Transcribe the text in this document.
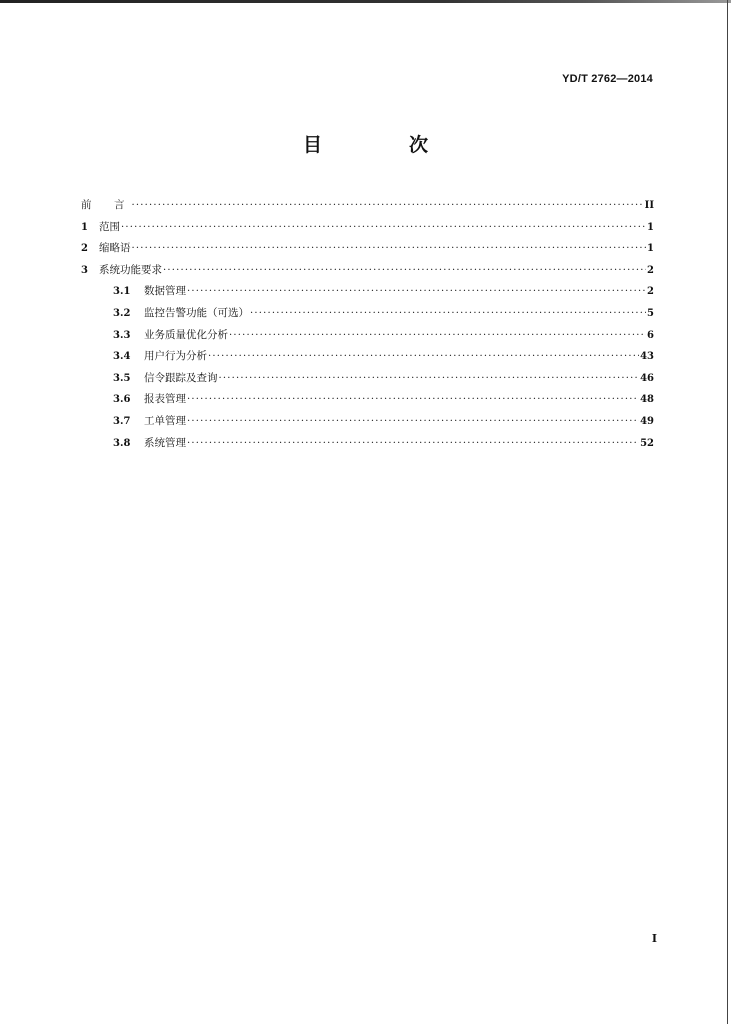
YD/T 2762—2014
目　次
前　言 ·····	II
1	范围 ·····	1
2	缩略语 ·····	1
3	系统功能要求 ·····	2
3.1 数据管理 ·····	2
3.2 监控告警功能（可选） ·····	5
3.3 业务质量优化分析 ·····	6
3.4 用户行为分析 ·····	43
3.5 信令跟踪及查询 ·····	46
3.6 报表管理 ·····	48
3.7 工单管理 ·····	49
3.8 系统管理 ·····	52
I
